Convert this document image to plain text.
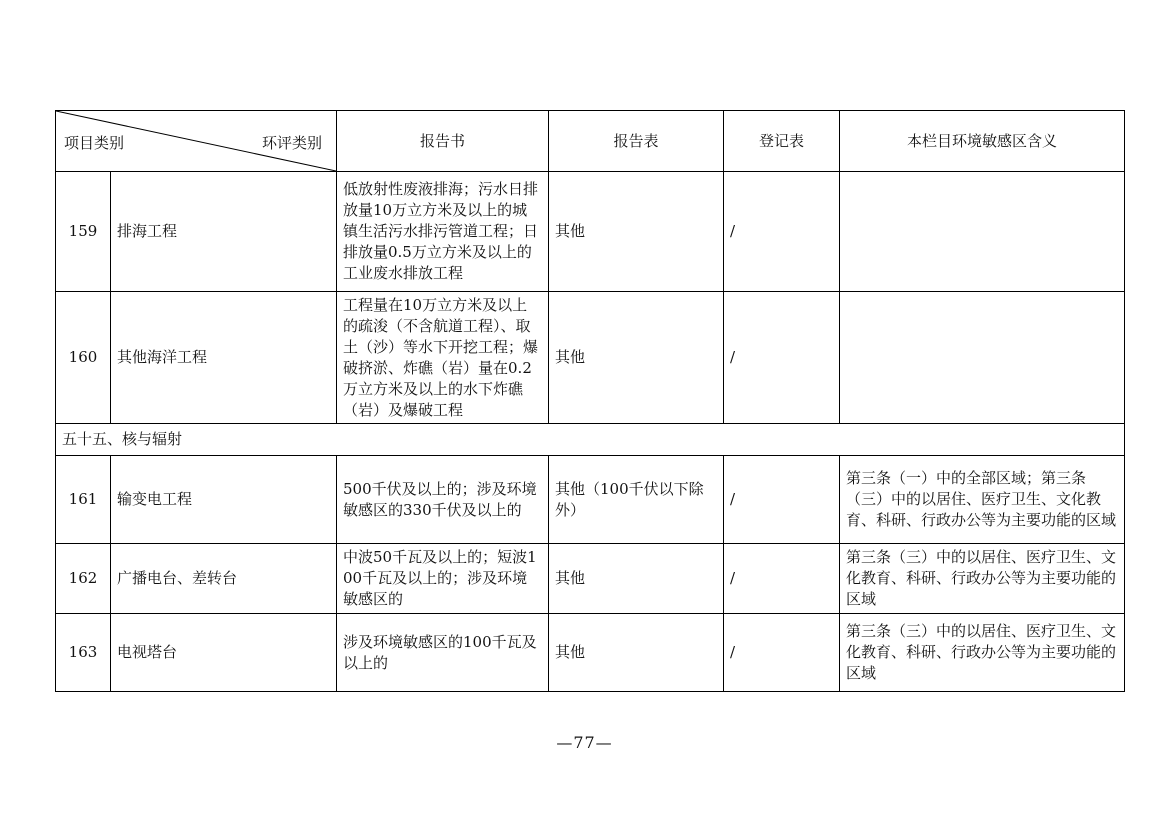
项目类别 环评类别		报告书	报告表	登记表	本栏目环境敏感区含义
159	排海工程	低放射性废液排海；污水日排放量10万立方米及以上的城镇生活污水排污管道工程；日排放量0.5万立方米及以上的工业废水排放工程	其他	/	
160	其他海洋工程	工程量在10万立方米及以上的疏浚（不含航道工程）、取土（沙）等水下开挖工程；爆破挤淤、炸礁（岩）量在0.2万立方米及以上的水下炸礁（岩）及爆破工程	其他	/	
五十五、核与辐射					
161	输变电工程	500千伏及以上的；涉及环境敏感区的330千伏及以上的	其他（100千伏以下除外）	/	第三条（一）中的全部区域；第三条（三）中的以居住、医疗卫生、文化教育、科研、行政办公等为主要功能的区域
162	广播电台、差转台	中波50千瓦及以上的；短波100千瓦及以上的；涉及环境敏感区的	其他	/	第三条（三）中的以居住、医疗卫生、文化教育、科研、行政办公等为主要功能的区域
163	电视塔台	涉及环境敏感区的100千瓦及以上的	其他	/	第三条（三）中的以居住、医疗卫生、文化教育、科研、行政办公等为主要功能的区域
—77—
